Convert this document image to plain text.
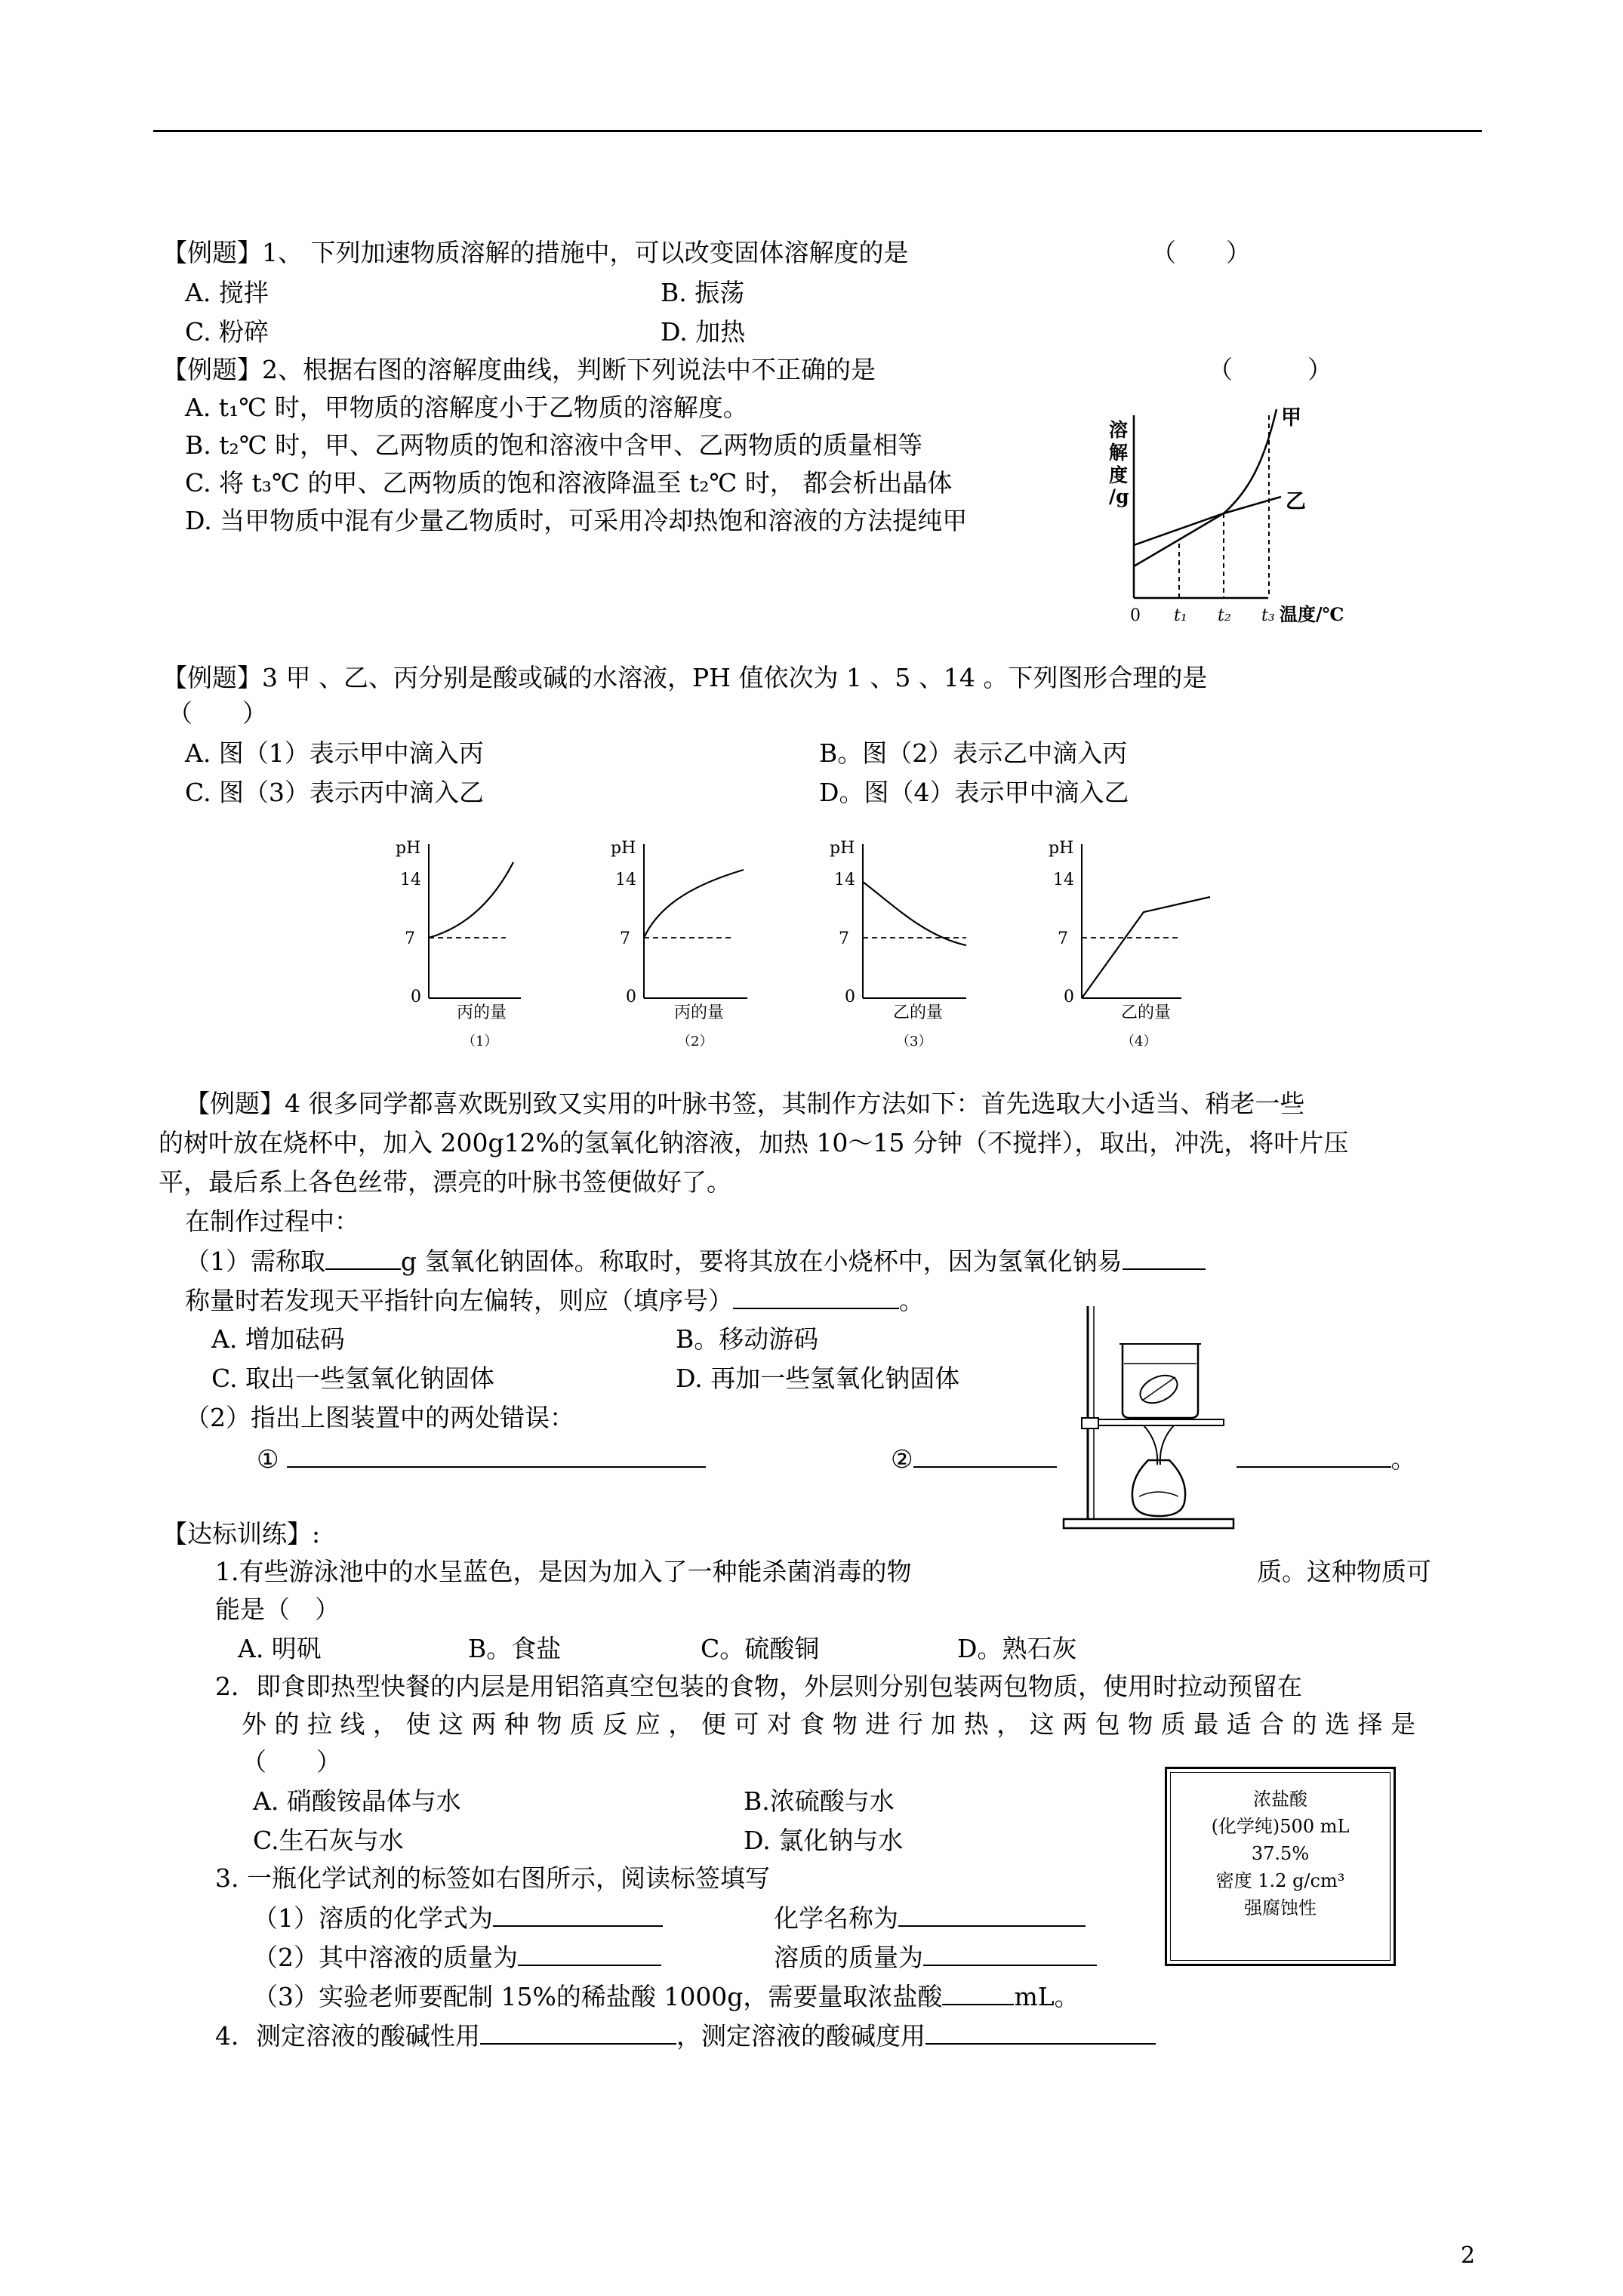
【例题】1、 下列加速物质溶解的措施中，可以改变固体溶解度的是	（　　）
A. 搅拌	B. 振荡
C. 粉碎	D. 加热
【例题】2、根据右图的溶解度曲线，判断下列说法中不正确的是	（　　　）
A. t₁℃ 时，甲物质的溶解度小于乙物质的溶解度。
B. t₂℃ 时，甲、乙两物质的饱和溶液中含甲、乙两物质的质量相等
C. 将 t₃℃ 的甲、乙两物质的饱和溶液降温至 t₂℃ 时， 都会析出晶体
D. 当甲物质中混有少量乙物质时，可采用冷却热饱和溶液的方法提纯甲
溶
解
度
/g
甲
乙
0 t₁ t₂ t₃ 温度/℃
【例题】3 甲 、乙、丙分别是酸或碱的水溶液，PH 值依次为 1 、5 、14 。下列图形合理的是
（　　）
A. 图（1）表示甲中滴入丙	B。图（2）表示乙中滴入丙
C. 图（3）表示丙中滴入乙	D。图（4）表示甲中滴入乙
pH
14
7
0
丙的量
（1）
pH
14
7
0
丙的量
（2）
pH
14
7
0
乙的量
（3）
pH
14
7
0
乙的量
（4）
【例题】4 很多同学都喜欢既别致又实用的叶脉书签，其制作方法如下：首先选取大小适当、稍老一些
的树叶放在烧杯中，加入 200g12%的氢氧化钠溶液，加热 10～15 分钟（不搅拌），取出，冲洗，将叶片压
平，最后系上各色丝带，漂亮的叶脉书签便做好了。
在制作过程中：
（1）需称取	g 氢氧化钠固体。称取时，要将其放在小烧杯中，因为氢氧化钠易
称量时若发现天平指针向左偏转，则应（填序号）	。
A. 增加砝码	B。移动游码
C. 取出一些氢氧化钠固体	D. 再加一些氢氧化钠固体
（2）指出上图装置中的两处错误：
①	②	。
【达标训练】:
1.有些游泳池中的水呈蓝色，是因为加入了一种能杀菌消毒的物	质。这种物质可
能是（　）
A. 明矾	B。食盐	C。硫酸铜	D。熟石灰
2．即食即热型快餐的内层是用铝箔真空包装的食物，外层则分别包装两包物质，使用时拉动预留在
外 的 拉 线 ， 使 这 两 种 物 质 反 应 ， 便 可 对 食 物 进 行 加 热 ， 这 两 包 物 质 最 适 合 的 选 择 是
（　　）
A. 硝酸铵晶体与水	B.浓硫酸与水
C.生石灰与水	D. 氯化钠与水
3. 一瓶化学试剂的标签如右图所示，阅读标签填写
（1）溶质的化学式为	化学名称为
（2）其中溶液的质量为	溶质的质量为
（3）实验老师要配制 15%的稀盐酸 1000g，需要量取浓盐酸	mL。
4．测定溶液的酸碱性用	，测定溶液的酸碱度用
浓盐酸
(化学纯)500 mL
37.5%
密度 1.2 g/cm³
强腐蚀性
2
